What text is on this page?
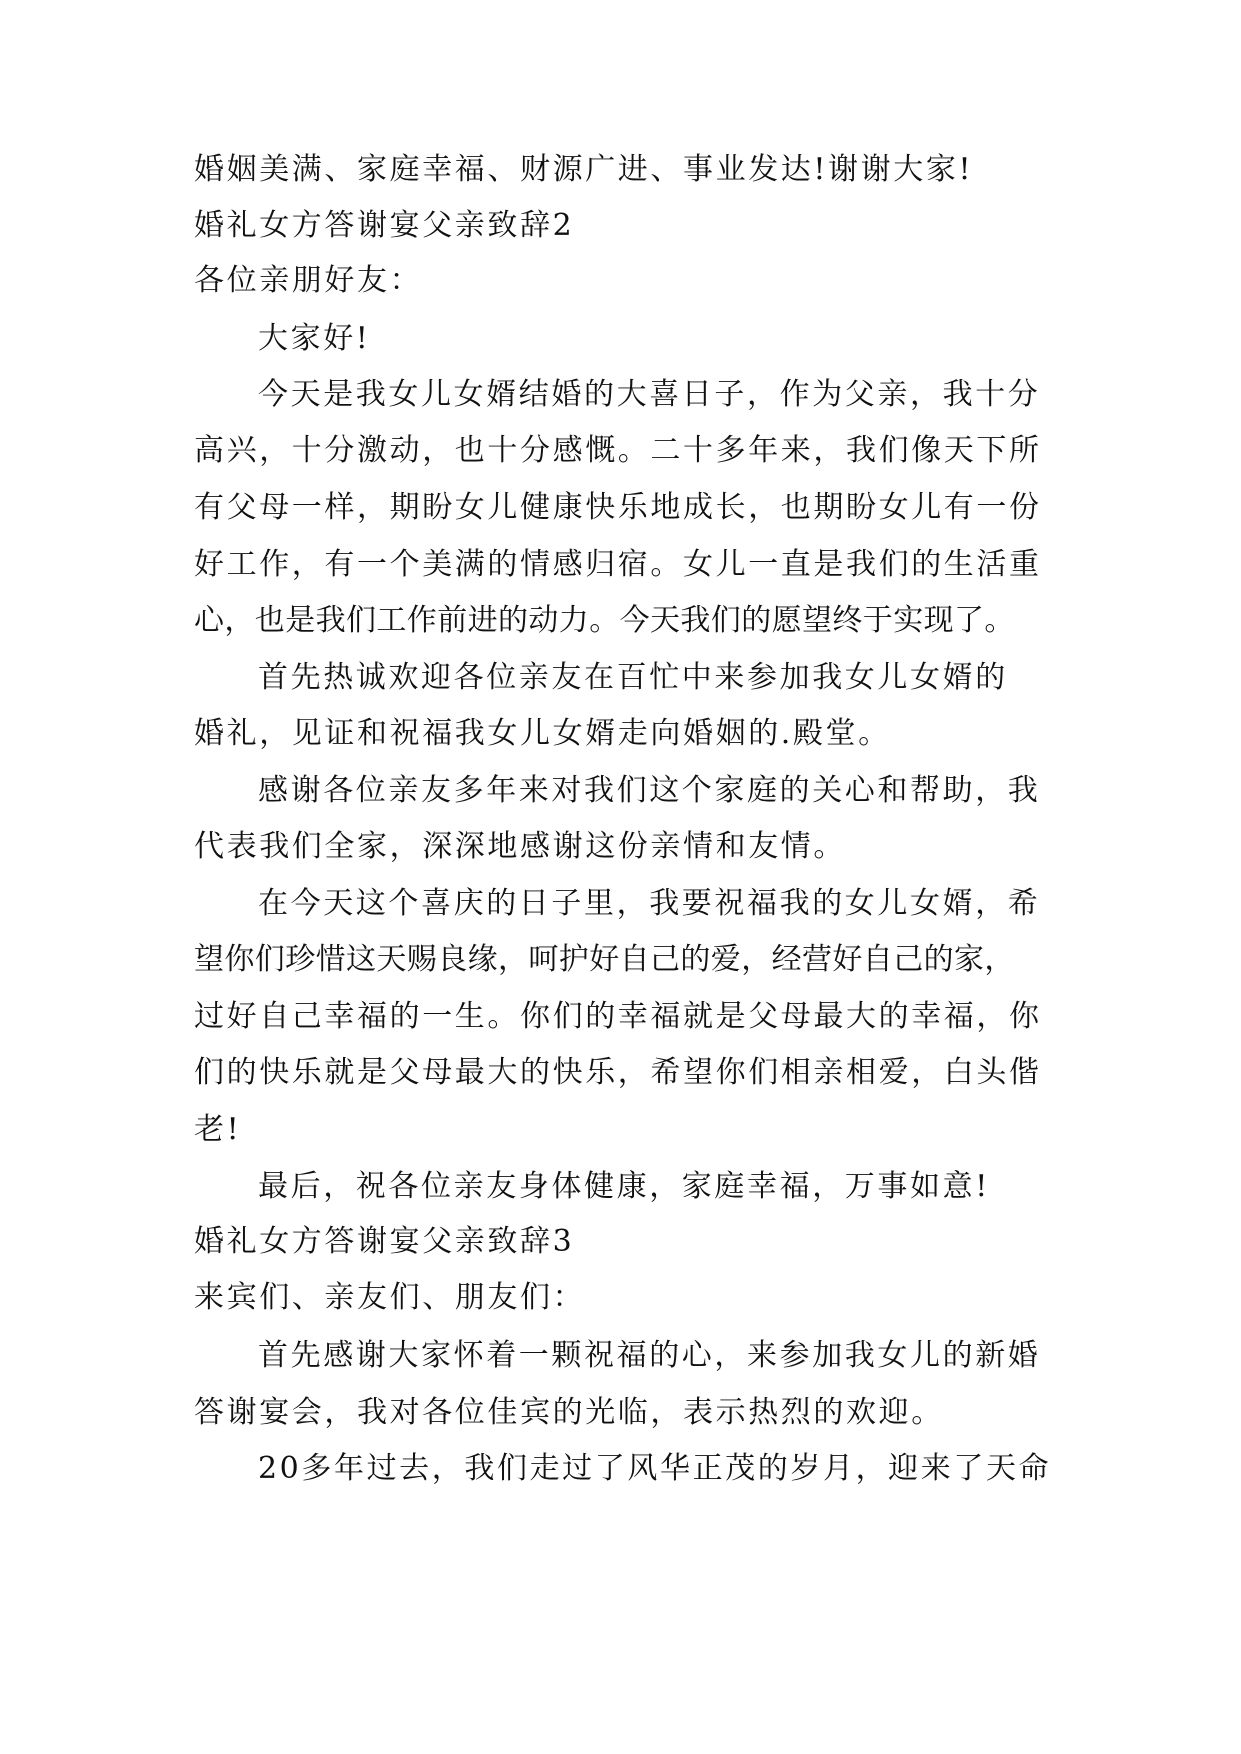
婚姻美满、家庭幸福、财源广进、事业发达!谢谢大家!
婚礼女方答谢宴父亲致辞2
各位亲朋好友：
大家好!
今天是我女儿女婿结婚的大喜日子，作为父亲，我十分
高兴，十分激动，也十分感慨。二十多年来，我们像天下所
有父母一样，期盼女儿健康快乐地成长，也期盼女儿有一份
好工作，有一个美满的情感归宿。女儿一直是我们的生活重
心，也是我们工作前进的动力。今天我们的愿望终于实现了。
首先热诚欢迎各位亲友在百忙中来参加我女儿女婿的
婚礼，见证和祝福我女儿女婿走向婚姻的.殿堂。
感谢各位亲友多年来对我们这个家庭的关心和帮助，我
代表我们全家，深深地感谢这份亲情和友情。
在今天这个喜庆的日子里，我要祝福我的女儿女婿，希
望你们珍惜这天赐良缘，呵护好自己的爱，经营好自己的家，
过好自己幸福的一生。你们的幸福就是父母最大的幸福，你
们的快乐就是父母最大的快乐，希望你们相亲相爱，白头偕
老!
最后，祝各位亲友身体健康，家庭幸福，万事如意!
婚礼女方答谢宴父亲致辞3
来宾们、亲友们、朋友们：
首先感谢大家怀着一颗祝福的心，来参加我女儿的新婚
答谢宴会，我对各位佳宾的光临，表示热烈的欢迎。
20多年过去，我们走过了风华正茂的岁月，迎来了天命
